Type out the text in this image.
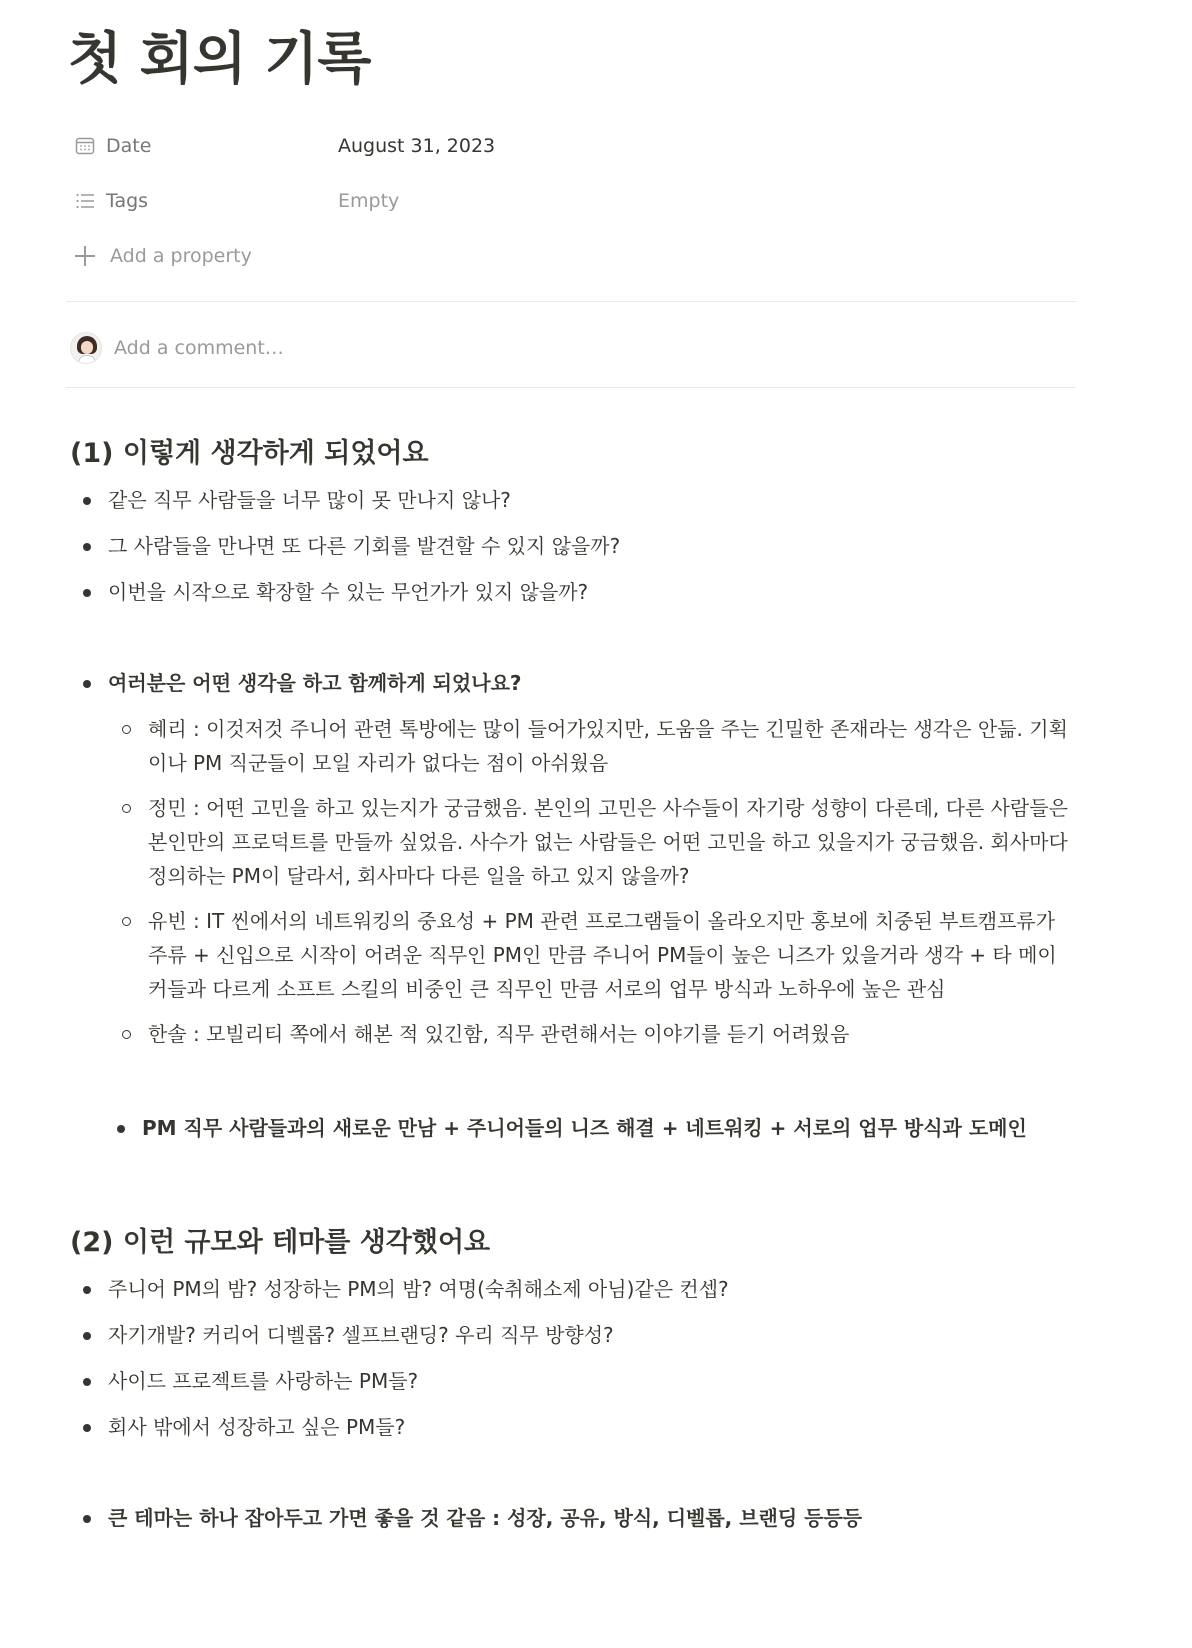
첫 회의 기록
Date	August 31, 2023
Tags	Empty
Add a property
Add a comment…
(1) 이렇게 생각하게 되었어요
같은 직무 사람들을 너무 많이 못 만나지 않나?
그 사람들을 만나면 또 다른 기회를 발견할 수 있지 않을까?
이번을 시작으로 확장할 수 있는 무언가가 있지 않을까?
여러분은 어떤 생각을 하고 함께하게 되었나요?
혜리 : 이것저것 주니어 관련 톡방에는 많이 들어가있지만, 도움을 주는 긴밀한 존재라는 생각은 안듦. 기획이나 PM 직군들이 모일 자리가 없다는 점이 아쉬웠음
정민 : 어떤 고민을 하고 있는지가 궁금했음. 본인의 고민은 사수들이 자기랑 성향이 다른데, 다른 사람들은 본인만의 프로덕트를 만들까 싶었음. 사수가 없는 사람들은 어떤 고민을 하고 있을지가 궁금했음. 회사마다 정의하는 PM이 달라서, 회사마다 다른 일을 하고 있지 않을까?
유빈 : IT 씬에서의 네트워킹의 중요성 + PM 관련 프로그램들이 올라오지만 홍보에 치중된 부트캠프류가 주류 + 신입으로 시작이 어려운 직무인 PM인 만큼 주니어 PM들이 높은 니즈가 있을거라 생각 + 타 메이커들과 다르게 소프트 스킬의 비중인 큰 직무인 만큼 서로의 업무 방식과 노하우에 높은 관심
한솔 : 모빌리티 쪽에서 해본 적 있긴함, 직무 관련해서는 이야기를 듣기 어려웠음
PM 직무 사람들과의 새로운 만남 + 주니어들의 니즈 해결 + 네트워킹 + 서로의 업무 방식과 도메인
(2) 이런 규모와 테마를 생각했어요
주니어 PM의 밤? 성장하는 PM의 밤? 여명(숙취해소제 아님)같은 컨셉?
자기개발? 커리어 디벨롭? 셀프브랜딩? 우리 직무 방향성?
사이드 프로젝트를 사랑하는 PM들?
회사 밖에서 성장하고 싶은 PM들?
큰 테마는 하나 잡아두고 가면 좋을 것 같음 : 성장, 공유, 방식, 디벨롭, 브랜딩 등등등
